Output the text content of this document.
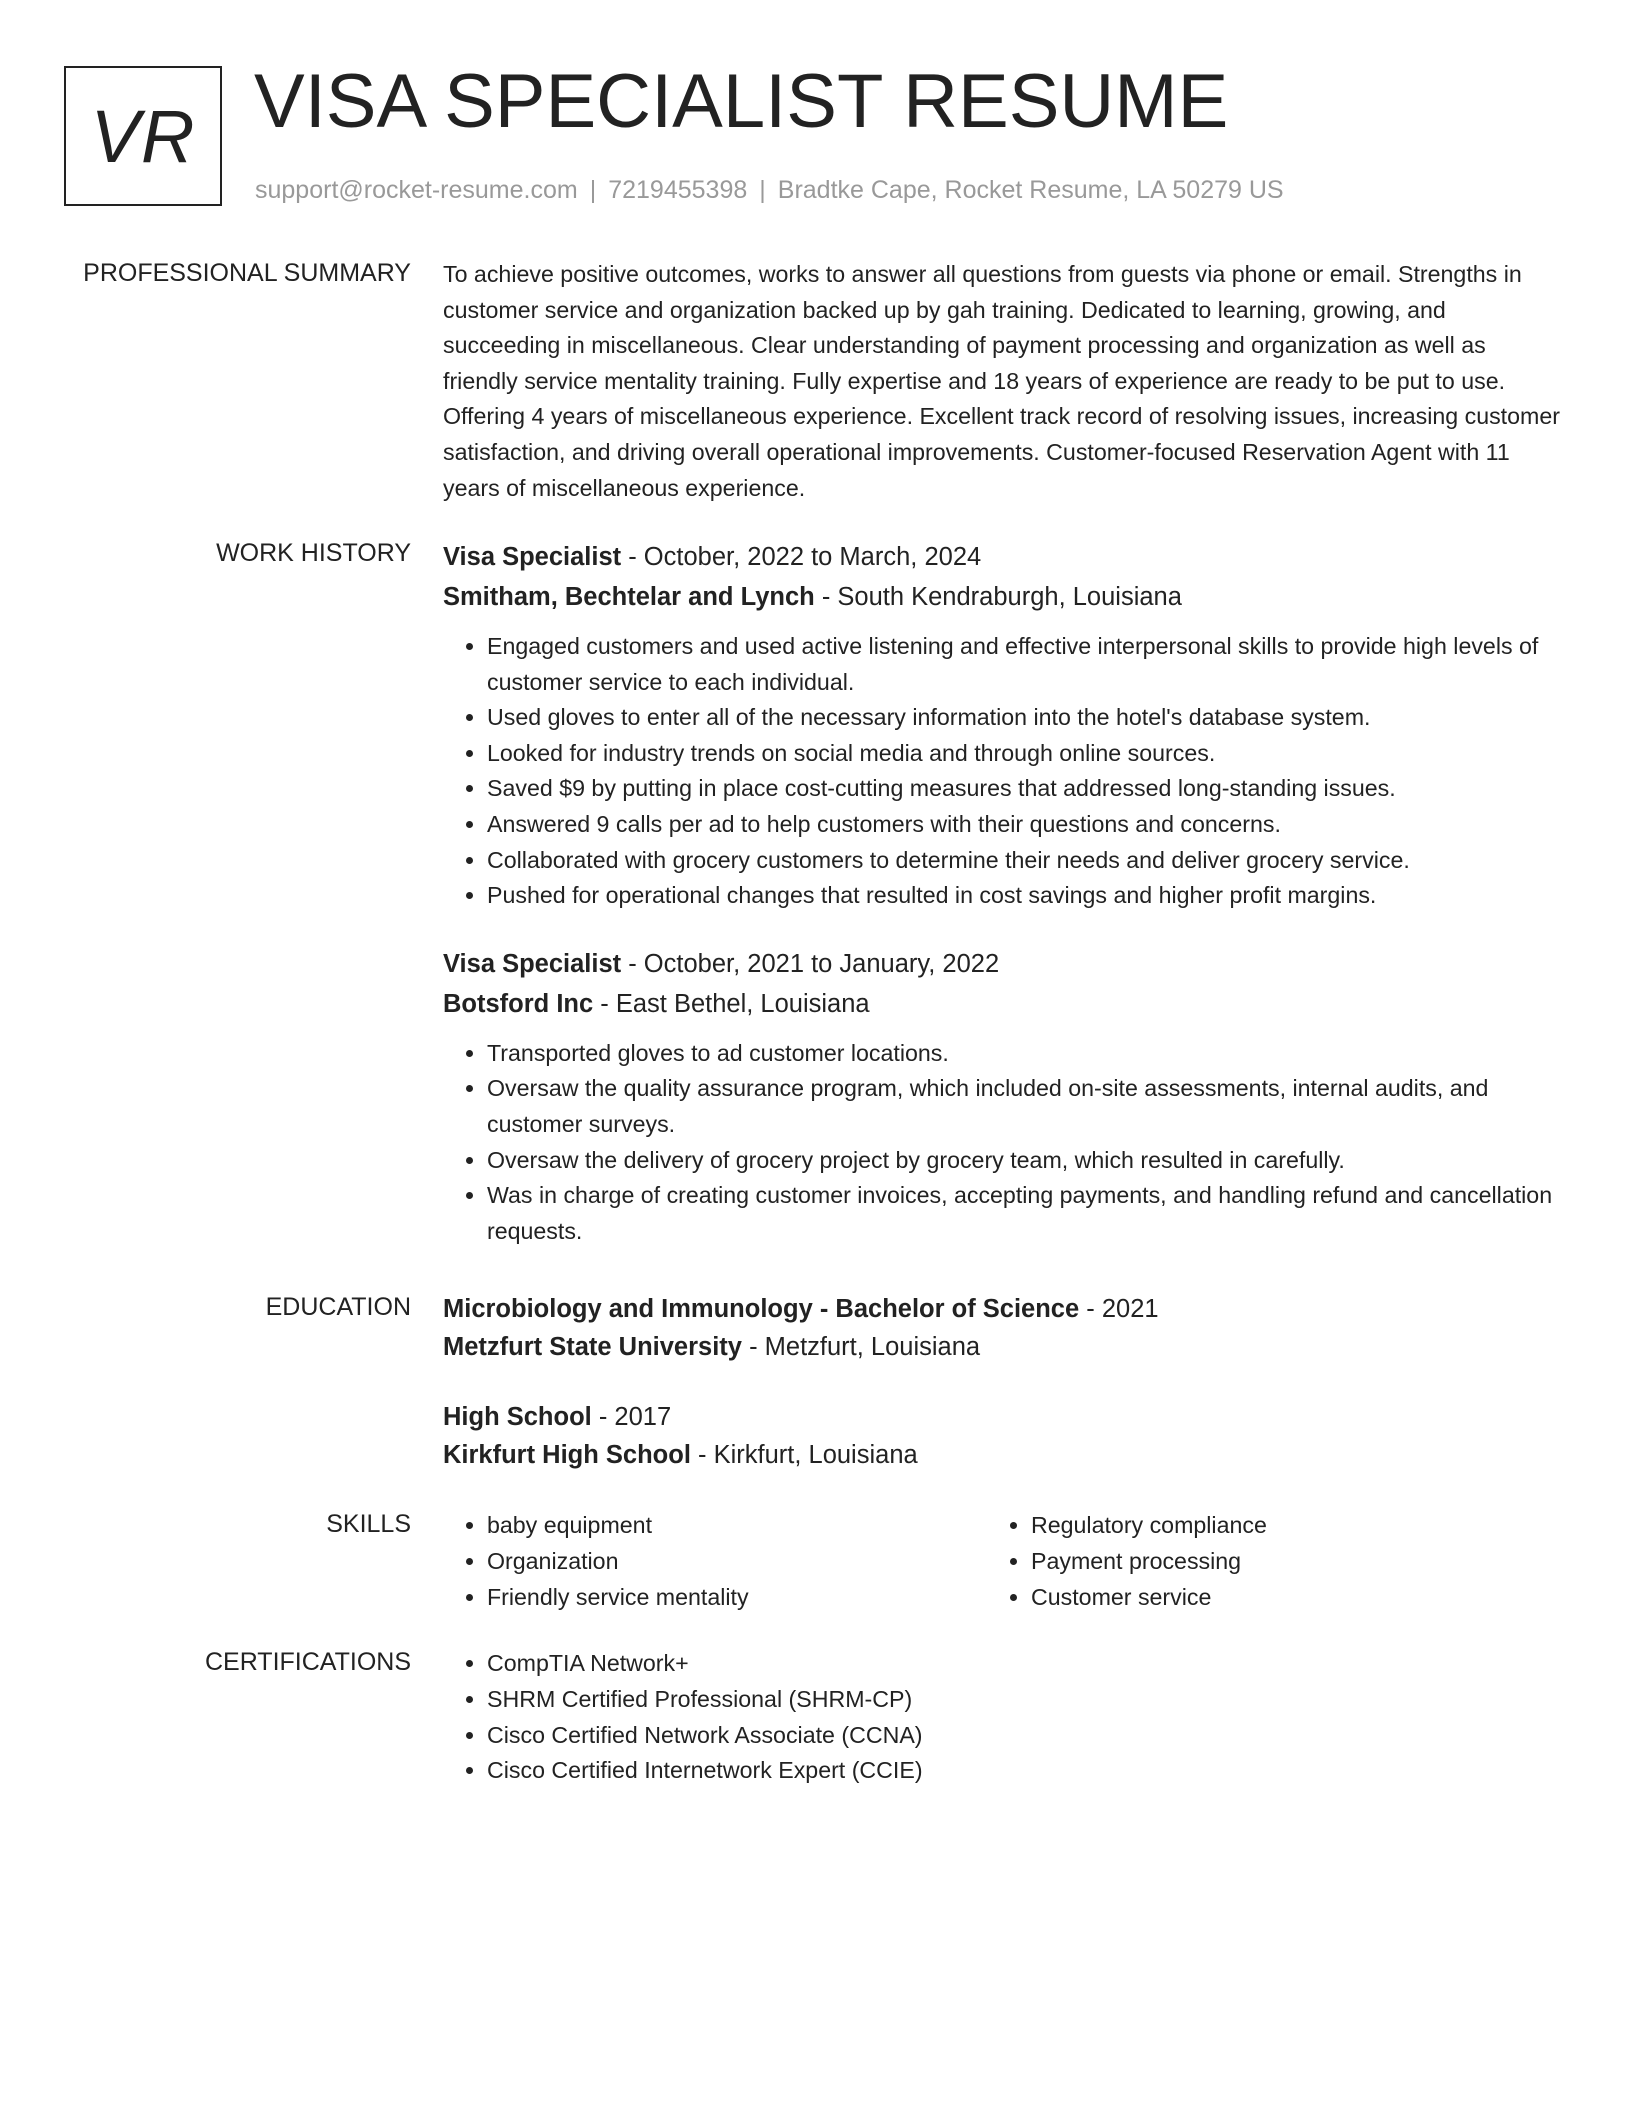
VR VISA SPECIALIST RESUME
support@rocket-resume.com | 7219455398 | Bradtke Cape, Rocket Resume, LA 50279 US
PROFESSIONAL SUMMARY To achieve positive outcomes, works to answer all questions from guests via phone or email. Strengths in customer service and organization backed up by gah training. Dedicated to learning, growing, and succeeding in miscellaneous. Clear understanding of payment processing and organization as well as friendly service mentality training. Fully expertise and 18 years of experience are ready to be put to use. Offering 4 years of miscellaneous experience. Excellent track record of resolving issues, increasing customer satisfaction, and driving overall operational improvements. Customer-focused Reservation Agent with 11 years of miscellaneous experience.

WORK HISTORY Visa Specialist - October, 2022 to March, 2024
Smitham, Bechtelar and Lynch - South Kendraburgh, Louisiana
• Engaged customers and used active listening and effective interpersonal skills to provide high levels of customer service to each individual.
• Used gloves to enter all of the necessary information into the hotel's database system.
• Looked for industry trends on social media and through online sources.
• Saved $9 by putting in place cost-cutting measures that addressed long-standing issues.
• Answered 9 calls per ad to help customers with their questions and concerns.
• Collaborated with grocery customers to determine their needs and deliver grocery service.
• Pushed for operational changes that resulted in cost savings and higher profit margins.
Visa Specialist - October, 2021 to January, 2022
Botsford Inc - East Bethel, Louisiana
• Transported gloves to ad customer locations.
• Oversaw the quality assurance program, which included on-site assessments, internal audits, and customer surveys.
• Oversaw the delivery of grocery project by grocery team, which resulted in carefully.
• Was in charge of creating customer invoices, accepting payments, and handling refund and cancellation requests.
EDUCATION Microbiology and Immunology - Bachelor of Science - 2021
Metzfurt State University - Metzfurt, Louisiana
High School - 2017
Kirkfurt High School - Kirkfurt, Louisiana
SKILLS	• baby equipment
• Organization
• Friendly service mentality
• Regulatory compliance
• Payment processing
• Customer service
CERTIFICATIONS	• CompTIA Network+
• SHRM Certified Professional (SHRM-CP)
• Cisco Certified Network Associate (CCNA)
• Cisco Certified Internetwork Expert (CCIE)
